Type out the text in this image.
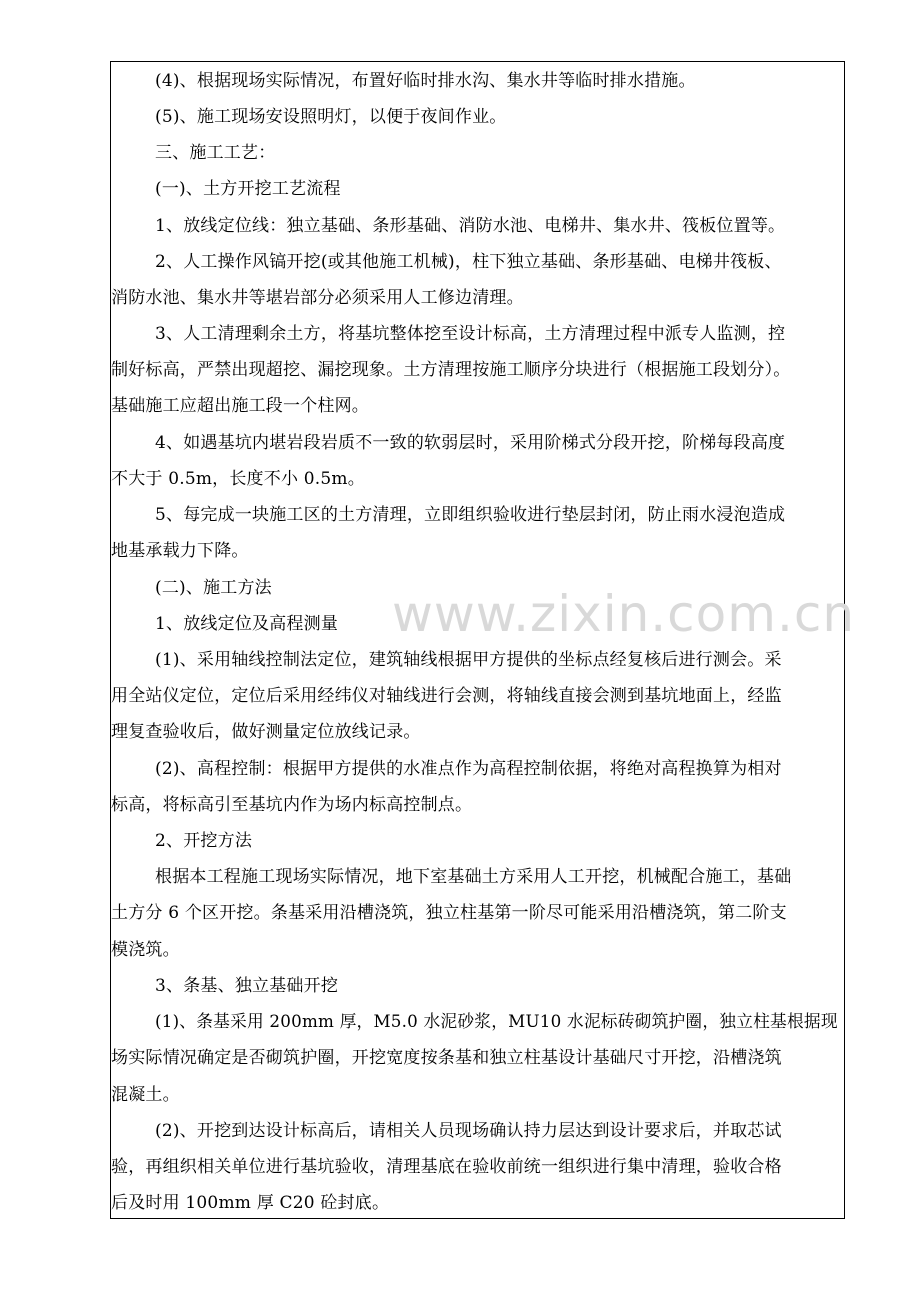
www.zixin.com.cn
(4)、根据现场实际情况，布置好临时排水沟、集水井等临时排水措施。
(5)、施工现场安设照明灯，以便于夜间作业。
三、施工工艺：
(一)、土方开挖工艺流程
1、放线定位线：独立基础、条形基础、消防水池、电梯井、集水井、筏板位置等。
2、人工操作风镐开挖(或其他施工机械)，柱下独立基础、条形基础、电梯井筏板、
消防水池、集水井等堪岩部分必须采用人工修边清理。
3、人工清理剩余土方，将基坑整体挖至设计标高，土方清理过程中派专人监测，控
制好标高，严禁出现超挖、漏挖现象。土方清理按施工顺序分块进行（根据施工段划分）。
基础施工应超出施工段一个柱网。
4、如遇基坑内堪岩段岩质不一致的软弱层时，采用阶梯式分段开挖，阶梯每段高度
不大于 0.5m，长度不小 0.5m。
5、每完成一块施工区的土方清理，立即组织验收进行垫层封闭，防止雨水浸泡造成
地基承载力下降。
(二)、施工方法
1、放线定位及高程测量
(1)、采用轴线控制法定位，建筑轴线根据甲方提供的坐标点经复核后进行测会。采
用全站仪定位，定位后采用经纬仪对轴线进行会测，将轴线直接会测到基坑地面上，经监
理复查验收后，做好测量定位放线记录。
(2)、高程控制：根据甲方提供的水准点作为高程控制依据，将绝对高程换算为相对
标高，将标高引至基坑内作为场内标高控制点。
2、开挖方法
根据本工程施工现场实际情况，地下室基础土方采用人工开挖，机械配合施工，基础
土方分 6 个区开挖。条基采用沿槽浇筑，独立柱基第一阶尽可能采用沿槽浇筑，第二阶支
模浇筑。
3、条基、独立基础开挖
(1)、条基采用 200mm 厚，M5.0 水泥砂浆，MU10 水泥标砖砌筑护圈，独立柱基根据现
场实际情况确定是否砌筑护圈，开挖宽度按条基和独立柱基设计基础尺寸开挖，沿槽浇筑
混凝土。
(2)、开挖到达设计标高后，请相关人员现场确认持力层达到设计要求后，并取芯试
验，再组织相关单位进行基坑验收，清理基底在验收前统一组织进行集中清理，验收合格
后及时用 100mm 厚 C20 砼封底。
